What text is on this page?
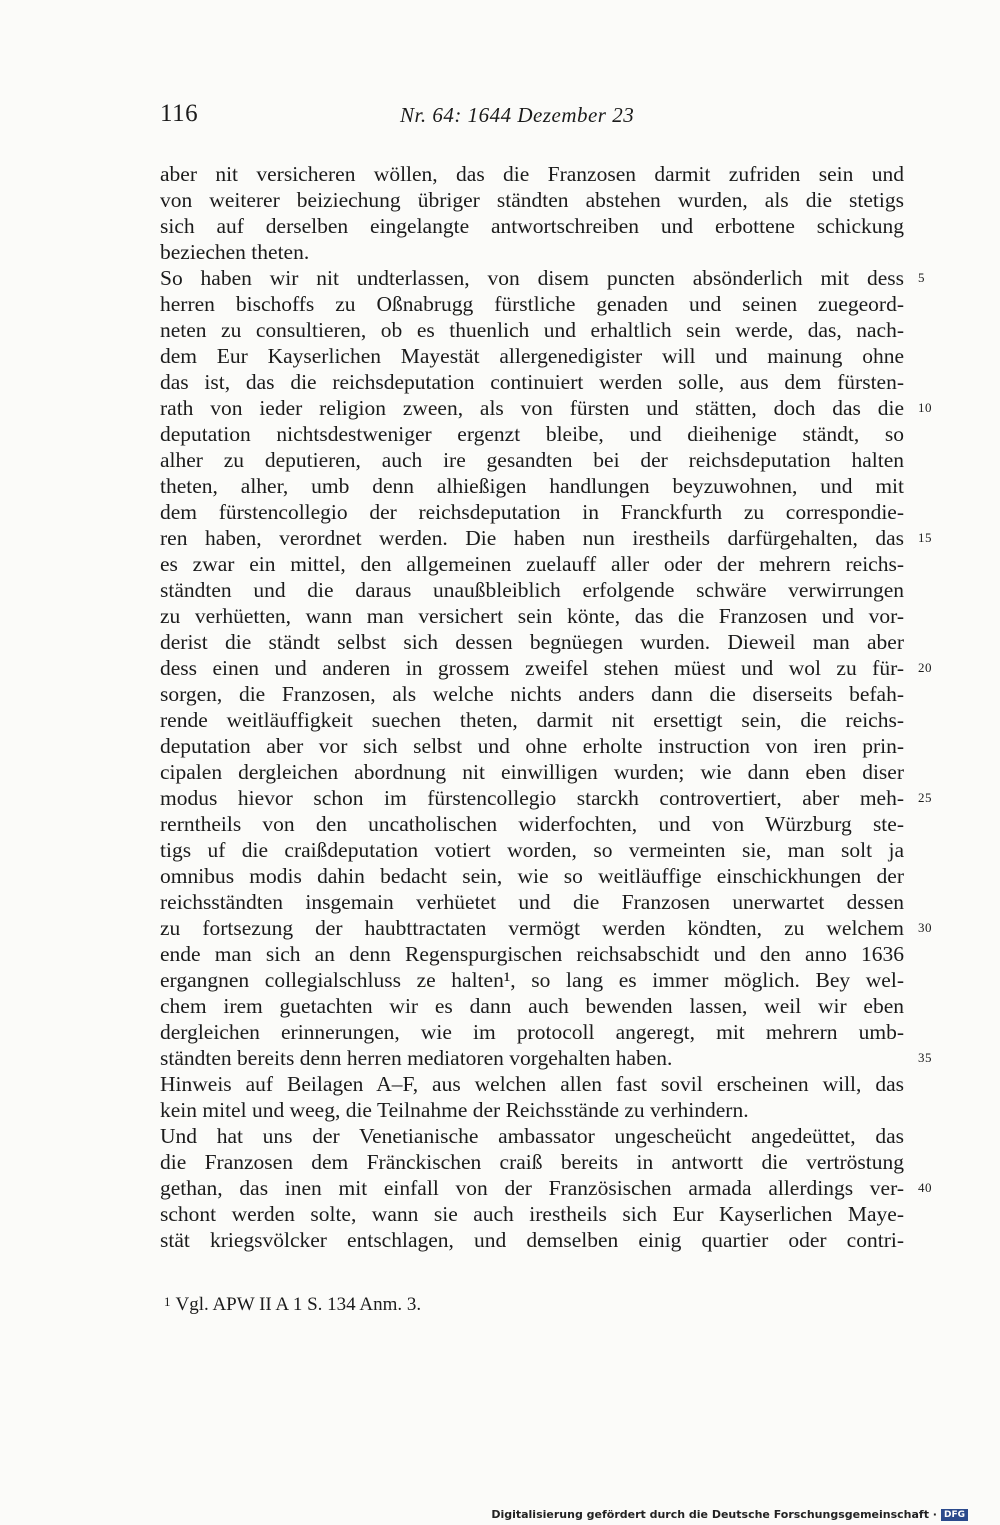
116	Nr. 64: 1644 Dezember 23
aber nit versicheren wöllen, das die Franzosen darmit zufriden sein und
von weiterer beiziechung übriger ständten abstehen wurden, als die stetigs
sich auf derselben eingelangte antwortschreiben und erbottene schickung
beziechen theten.
So haben wir nit undterlassen, von disem puncten absönderlich mit dess
herren bischoffs zu Oßnabrugg fürstliche genaden und seinen zuegeord-
neten zu consultieren, ob es thuenlich und erhaltlich sein werde, das, nach-
dem Eur Kayserlichen Mayestät allergenedigister will und mainung ohne
das ist, das die reichsdeputation continuiert werden solle, aus dem fürsten-
rath von ieder religion zween, als von fürsten und stätten, doch das die
deputation nichtsdestweniger ergenzt bleibe, und dieihenige ständt, so
alher zu deputieren, auch ire gesandten bei der reichsdeputation halten
theten, alher, umb denn alhießigen handlungen beyzuwohnen, und mit
dem fürstencollegio der reichsdeputation in Franckfurth zu correspondie-
ren haben, verordnet werden. Die haben nun irestheils darfürgehalten, das
es zwar ein mittel, den allgemeinen zuelauff aller oder der mehrern reichs-
ständten und die daraus unaußbleiblich erfolgende schwäre verwirrungen
zu verhüetten, wann man versichert sein könte, das die Franzosen und vor-
derist die ständt selbst sich dessen begnüegen wurden. Dieweil man aber
dess einen und anderen in grossem zweifel stehen müest und wol zu für-
sorgen, die Franzosen, als welche nichts anders dann die diserseits befah-
rende weitläuffigkeit suechen theten, darmit nit ersettigt sein, die reichs-
deputation aber vor sich selbst und ohne erholte instruction von iren prin-
cipalen dergleichen abordnung nit einwilligen wurden; wie dann eben diser
modus hievor schon im fürstencollegio starckh controvertiert, aber meh-
rerntheils von den uncatholischen widerfochten, und von Würzburg ste-
tigs uf die craißdeputation votiert worden, so vermeinten sie, man solt ja
omnibus modis dahin bedacht sein, wie so weitläuffige einschickhungen der
reichsständten insgemain verhüetet und die Franzosen unerwartet dessen
zu fortsezung der haubttractaten vermögt werden köndten, zu welchem
ende man sich an denn Regenspurgischen reichsabschidt und den anno 1636
ergangnen collegialschluss ze halten¹, so lang es immer möglich. Bey wel-
chem irem guetachten wir es dann auch bewenden lassen, weil wir eben
dergleichen erinnerungen, wie im protocoll angeregt, mit mehrern umb-
ständten bereits denn herren mediatoren vorgehalten haben.
Hinweis auf Beilagen A–F, aus welchen allen fast sovil erscheinen will, das
kein mitel und weeg, die Teilnahme der Reichsstände zu verhindern.
Und hat uns der Venetianische ambassator ungescheücht angedeüttet, das
die Franzosen dem Fränckischen craiß bereits in antwortt die vertröstung
gethan, das inen mit einfall von der Französischen armada allerdings ver-
schont werden solte, wann sie auch irestheils sich Eur Kayserlichen Maye-
stät kriegsvölcker entschlagen, und demselben einig quartier oder contri-
5
10
15
20
25
30
35
40
$^1$ Vgl. APW II A 1 S. 134 Anm. 3.
Digitalisierung gefördert durch die Deutsche Forschungsgemeinschaft · DFG
